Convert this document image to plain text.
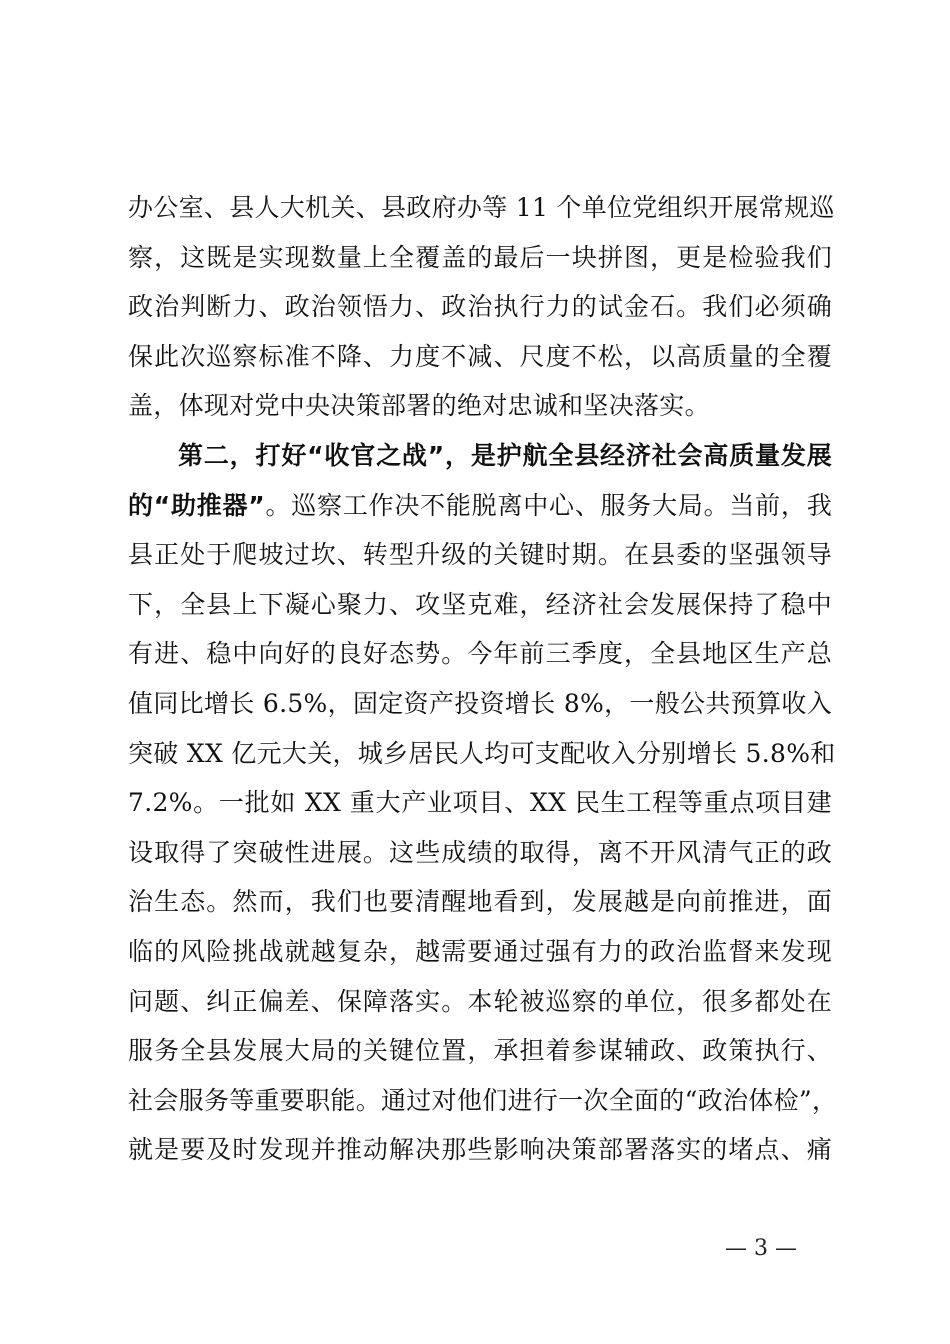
办公室、县人大机关、县政府办等 11 个单位党组织开展常规巡
察，这既是实现数量上全覆盖的最后一块拼图，更是检验我们
政治判断力、政治领悟力、政治执行力的试金石。我们必须确
保此次巡察标准不降、力度不减、尺度不松，以高质量的全覆
盖，体现对党中央决策部署的绝对忠诚和坚决落实。
第二，打好“收官之战”，是护航全县经济社会高质量发展
的“助推器”。巡察工作决不能脱离中心、服务大局。当前，我
县正处于爬坡过坎、转型升级的关键时期。在县委的坚强领导
下，全县上下凝心聚力、攻坚克难，经济社会发展保持了稳中
有进、稳中向好的良好态势。今年前三季度，全县地区生产总
值同比增长 6.5%，固定资产投资增长 8%，一般公共预算收入
突破 XX 亿元大关，城乡居民人均可支配收入分别增长 5.8%和
7.2%。一批如 XX 重大产业项目、XX 民生工程等重点项目建
设取得了突破性进展。这些成绩的取得，离不开风清气正的政
治生态。然而，我们也要清醒地看到，发展越是向前推进，面
临的风险挑战就越复杂，越需要通过强有力的政治监督来发现
问题、纠正偏差、保障落实。本轮被巡察的单位，很多都处在
服务全县发展大局的关键位置，承担着参谋辅政、政策执行、
社会服务等重要职能。通过对他们进行一次全面的“政治体检”，
就是要及时发现并推动解决那些影响决策部署落实的堵点、痛
— 3 —
